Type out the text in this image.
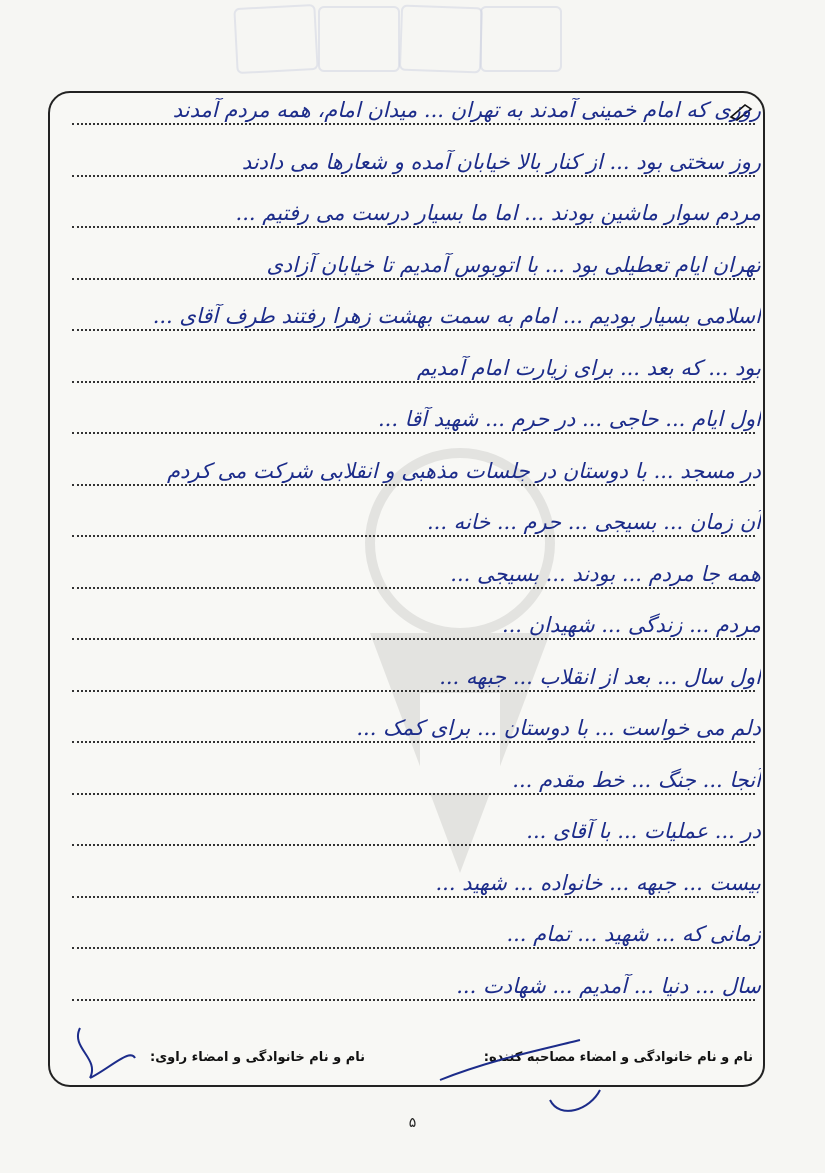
روزی که امام خمینی آمدند به تهران ... میدان امام، همه مردم آمدند
روز سختی بود ... از کنار بالا خیابان آمده و شعارها می دادند
مردم سوار ماشین بودند ... اما ما بسیار درست می رفتیم ...
تهران ایام تعطیلی بود ... با اتوبوس آمدیم تا خیابان آزادی
اسلامی بسیار بودیم ... امام به سمت بهشت زهرا رفتند طرف آقای ...
بود ... که بعد ... برای زیارت امام آمدیم
اول ایام ... حاجی ... در حرم ... شهید آقا ...
در مسجد ... با دوستان در جلسات مذهبی و انقلابی شرکت می کردم
آن زمان ... بسیجی ... حرم ... خانه ...
همه جا مردم ... بودند ... بسیجی ...
مردم ... زندگی ... شهیدان ...
اول سال ... بعد از انقلاب ... جبهه ...
دلم می خواست ... با دوستان ... برای کمک ...
آنجا ... جنگ ... خط مقدم ...
در ... عملیات ... با آقای ...
بیست ... جبهه ... خانواده ... شهید ...
زمانی که ... شهید ... تمام ...
سال ... دنیا ... آمدیم ... شهادت ...
نام و نام خانوادگی و امضاء مصاحبه کننده:
نام و نام خانوادگی و امضاء راوی:
۵
